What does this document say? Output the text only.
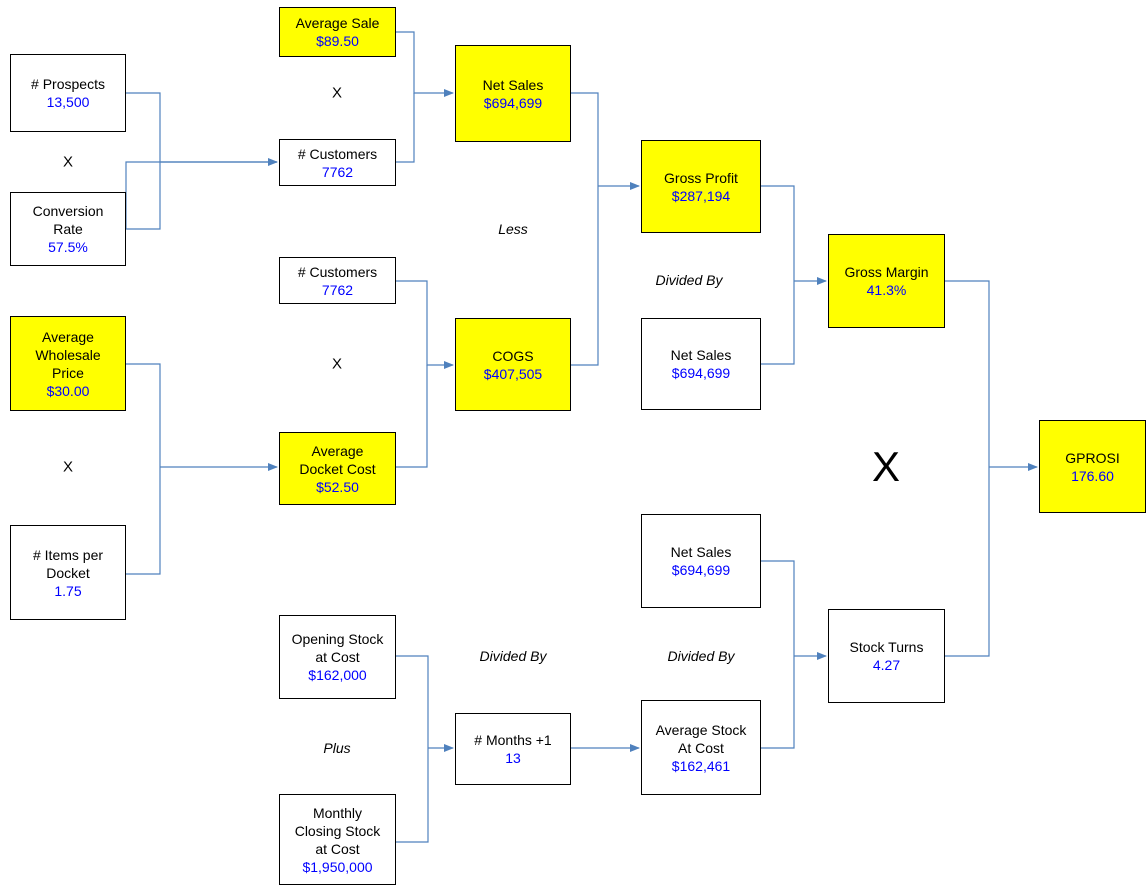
# Prospects
13,500
Conversion
Rate
57.5%
Average
Wholesale
Price
$30.00
# Items per
Docket
1.75
Average Sale
$89.50
# Customers
7762
# Customers
7762
Average
Docket Cost
$52.50
Opening Stock
at Cost
$162,000
Monthly
Closing Stock
at Cost
$1,950,000
Net Sales
$694,699
COGS
$407,505
# Months +1
13
Gross Profit
$287,194
Net Sales
$694,699
Net Sales
$694,699
Average Stock
At Cost
$162,461
Gross Margin
41.3%
Stock Turns
4.27
GPROSI
176.60
X
X
X
X	X
Less
Divided By
Divided By	Divided By
Plus
